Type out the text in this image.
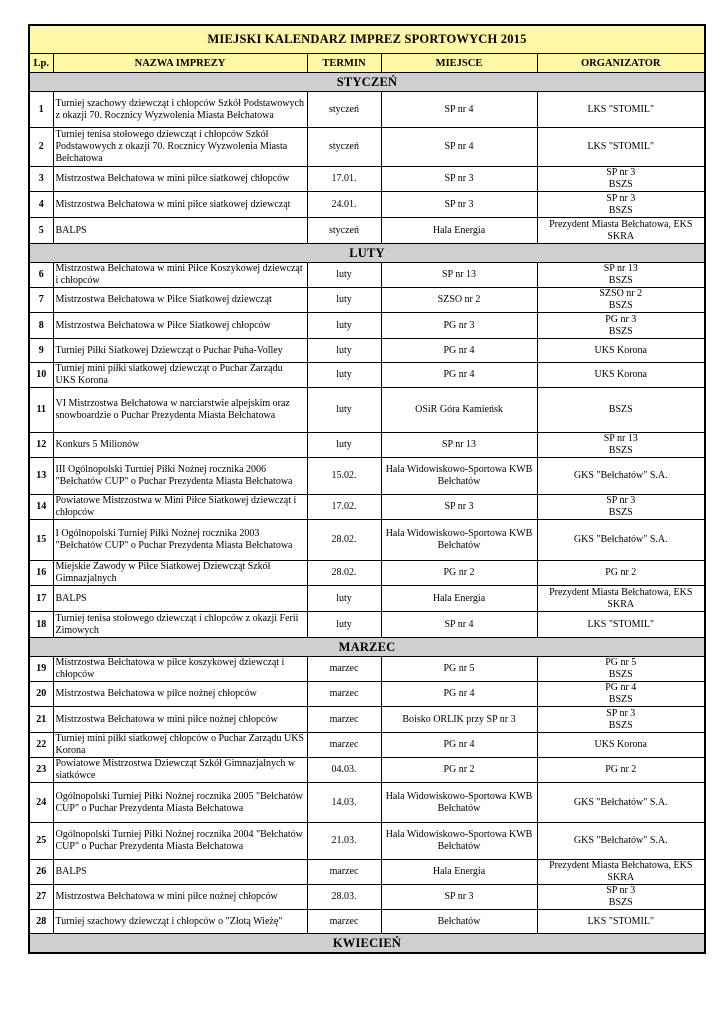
MIEJSKI KALENDARZ IMPREZ SPORTOWYCH 2015				
Lp.	NAZWA IMPREZY	TERMIN	MIEJSCE	ORGANIZATOR
STYCZEŃ				
1	Turniej szachowy dziewcząt i chłopców Szkół Podstawowych z okazji 70. Rocznicy Wyzwolenia Miasta Bełchatowa	styczeń	SP nr 4	LKS "STOMIL"
2	Turniej tenisa stołowego dziewcząt i chłopców Szkół Podstawowych z okazji 70. Rocznicy Wyzwolenia Miasta Bełchatowa	styczeń	SP nr 4	LKS "STOMIL"
3	Mistrzostwa Bełchatowa w mini piłce siatkowej chłopców	17.01.	SP nr 3	SP nr 3
BSZS
4	Mistrzostwa Bełchatowa w mini piłce siatkowej dziewcząt	24.01.	SP nr 3	SP nr 3
BSZS
5	BALPS	styczeń	Hala Energia	Prezydent Miasta Bełchatowa, EKS SKRA
LUTY				
6	Mistrzostwa Bełchatowa w mini Piłce Koszykowej dziewcząt i chłopców	luty	SP nr 13	SP nr 13
BSZS
7	Mistrzostwa Bełchatowa w Piłce Siatkowej dziewcząt	luty	SZSO nr 2	SZSO nr 2
BSZS
8	Mistrzostwa Bełchatowa w Piłce Siatkowej chłopców	luty	PG nr 3	PG nr 3
BSZS
9	Turniej Piłki Siatkowej Dziewcząt o Puchar Puha-Volley	luty	PG nr 4	UKS Korona
10	Turniej mini piłki siatkowej dziewcząt o Puchar Zarządu UKS Korona	luty	PG nr 4	UKS Korona
11	VI Mistrzostwa Bełchatowa w narciarstwie alpejskim oraz snowboardzie o Puchar Prezydenta Miasta Bełchatowa	luty	OSiR Góra Kamieńsk	BSZS
12	Konkurs 5 Milionów	luty	SP nr 13	SP nr 13
BSZS
13	III Ogólnopolski Turniej Piłki Nożnej rocznika 2006 "Bełchatów CUP" o Puchar Prezydenta Miasta Bełchatowa	15.02.	Hala Widowiskowo-Sportowa KWB Bełchatów	GKS "Bełchatów" S.A.
14	Powiatowe Mistrzostwa w Mini Piłce Siatkowej dziewcząt i chłopców	17.02.	SP nr 3	SP nr 3
BSZS
15	I Ogólnopolski Turniej Piłki Nożnej rocznika 2003 "Bełchatów CUP" o Puchar Prezydenta Miasta Bełchatowa	28.02.	Hala Widowiskowo-Sportowa KWB Bełchatów	GKS "Bełchatów" S.A.
16	Miejskie Zawody w Piłce Siatkowej Dziewcząt Szkół Gimnazjalnych	28.02.	PG nr 2	PG nr 2
17	BALPS	luty	Hala Energia	Prezydent Miasta Bełchatowa, EKS SKRA
18	Turniej tenisa stołowego dziewcząt i chłopców z okazji Ferii Zimowych	luty	SP nr 4	LKS "STOMIL"
MARZEC				
19	Mistrzostwa Bełchatowa w piłce koszykowej dziewcząt i chłopców	marzec	PG nr 5	PG nr 5
BSZS
20	Mistrzostwa Bełchatowa w piłce nożnej chłopców	marzec	PG nr 4	PG nr 4
BSZS
21	Mistrzostwa Bełchatowa w mini piłce nożnej chłopców	marzec	Boisko ORLIK przy SP nr 3	SP nr 3
BSZS
22	Turniej mini piłki siatkowej chłopców o Puchar Zarządu UKS Korona	marzec	PG nr 4	UKS Korona
23	Powiatowe Mistrzostwa Dziewcząt Szkół Gimnazjalnych w siatkówce	04.03.	PG nr 2	PG nr 2
24	Ogólnopolski Turniej Piłki Nożnej rocznika 2005 "Bełchatów CUP" o Puchar Prezydenta Miasta Bełchatowa	14.03.	Hala Widowiskowo-Sportowa KWB Bełchatów	GKS "Bełchatów" S.A.
25	Ogólnopolski Turniej Piłki Nożnej rocznika 2004 "Bełchatów CUP" o Puchar Prezydenta Miasta Bełchatowa	21.03.	Hala Widowiskowo-Sportowa KWB Bełchatów	GKS "Bełchatów" S.A.
26	BALPS	marzec	Hala Energia	Prezydent Miasta Bełchatowa, EKS SKRA
27	Mistrzostwa Bełchatowa w mini piłce nożnej chłopców	28.03.	SP nr 3	SP nr 3
BSZS
28	Turniej szachowy dziewcząt i chłopców o "Złotą Wieżę"	marzec	Bełchatów	LKS "STOMIL"
KWIECIEŃ				
